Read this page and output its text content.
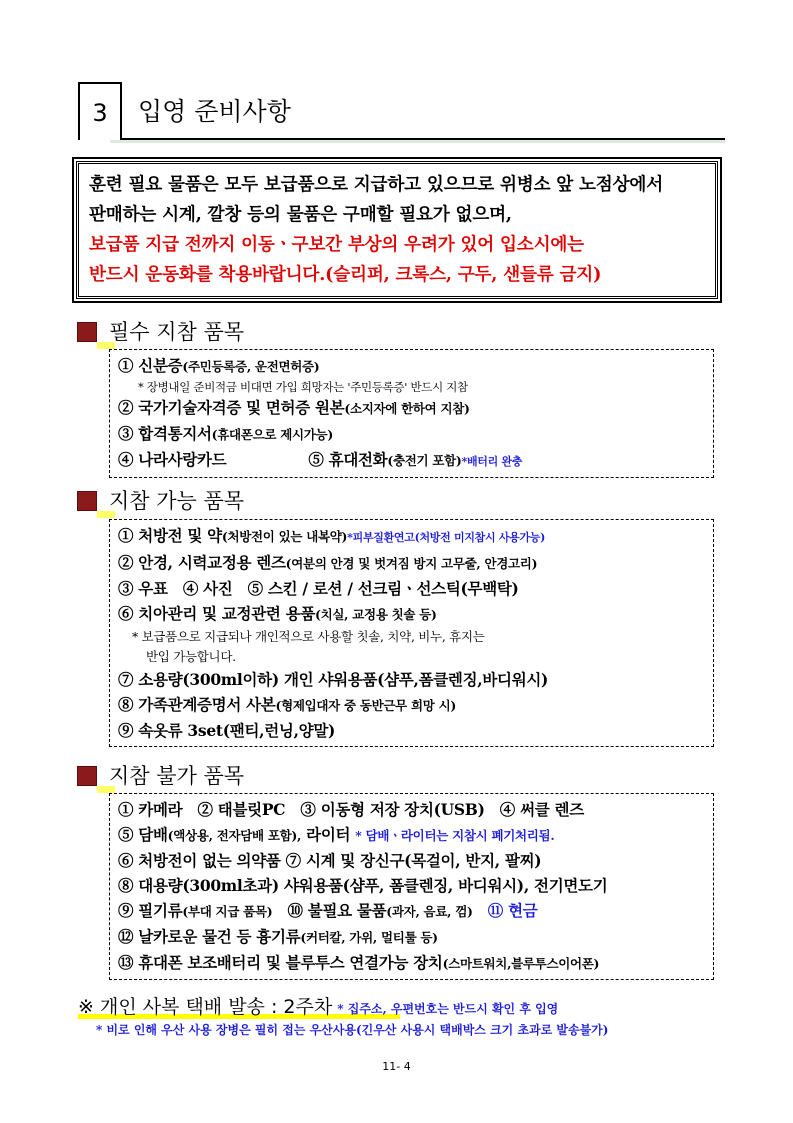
3	입영 준비사항
훈련 필요 물품은 모두 보급품으로 지급하고 있으므로 위병소 앞 노점상에서
판매하는 시계, 깔창 등의 물품은 구매할 필요가 없으며,
보급품 지급 전까지 이동ㆍ구보간 부상의 우려가 있어 입소시에는
반드시 운동화를 착용바랍니다.(슬리퍼, 크록스, 구두, 샌들류 금지)
필수 지참 품목
① 신분증(주민등록증, 운전면허증)
* 장병내일 준비적금 비대면 가입 희망자는 '주민등록증' 반드시 지참
② 국가기술자격증 및 면허증 원본(소지자에 한하여 지참)
③ 합격통지서(휴대폰으로 제시가능)
④ 나라사랑카드	⑤ 휴대전화(충전기 포함)*배터리 완충
지참 가능 품목
① 처방전 및 약(처방전이 있는 내복약)*피부질환연고(처방전 미지참시 사용가능)
② 안경, 시력교정용 렌즈(여분의 안경 및 벗겨짐 방지 고무줄, 안경고리)
③ 우표　④ 사진　⑤ 스킨 / 로션 / 선크림ㆍ선스틱(무백탁)
⑥ 치아관리 및 교정관련 용품(치실, 교정용 칫솔 등)
* 보급품으로 지급되나 개인적으로 사용할 칫솔, 치약, 비누, 휴지는
반입 가능합니다.
⑦ 소용량(300ml이하) 개인 샤워용품(샴푸,폼클렌징,바디워시)
⑧ 가족관계증명서 사본(형제입대자 중 동반근무 희망 시)
⑨ 속옷류 3set(팬티,런닝,양말)
지참 불가 품목
① 카메라　② 태블릿PC　③ 이동형 저장 장치(USB)　④ 써클 렌즈
⑤ 담배(액상용, 전자담배 포함), 라이터 * 담배ㆍ라이터는 지참시 폐기처리됨.
⑥ 처방전이 없는 의약품 ⑦ 시계 및 장신구(목걸이, 반지, 팔찌)
⑧ 대용량(300ml초과) 샤워용품(샴푸, 폼클렌징, 바디워시), 전기면도기
⑨ 필기류(부대 지급 품목)　 ⑩ 불필요 물품(과자, 음료, 껌)　 ⑪ 현금
⑫ 날카로운 물건 등 흉기류(커터칼, 가위, 멀티툴 등)
⑬ 휴대폰 보조배터리 및 블루투스 연결가능 장치(스마트워치,블루투스이어폰)
※ 개인 사복 택배 발송 : 2주차 * 집주소, 우편번호는 반드시 확인 후 입영
* 비로 인해 우산 사용 장병은 필히 접는 우산사용(긴우산 사용시 택배박스 크기 초과로 발송불가)
11- 4
